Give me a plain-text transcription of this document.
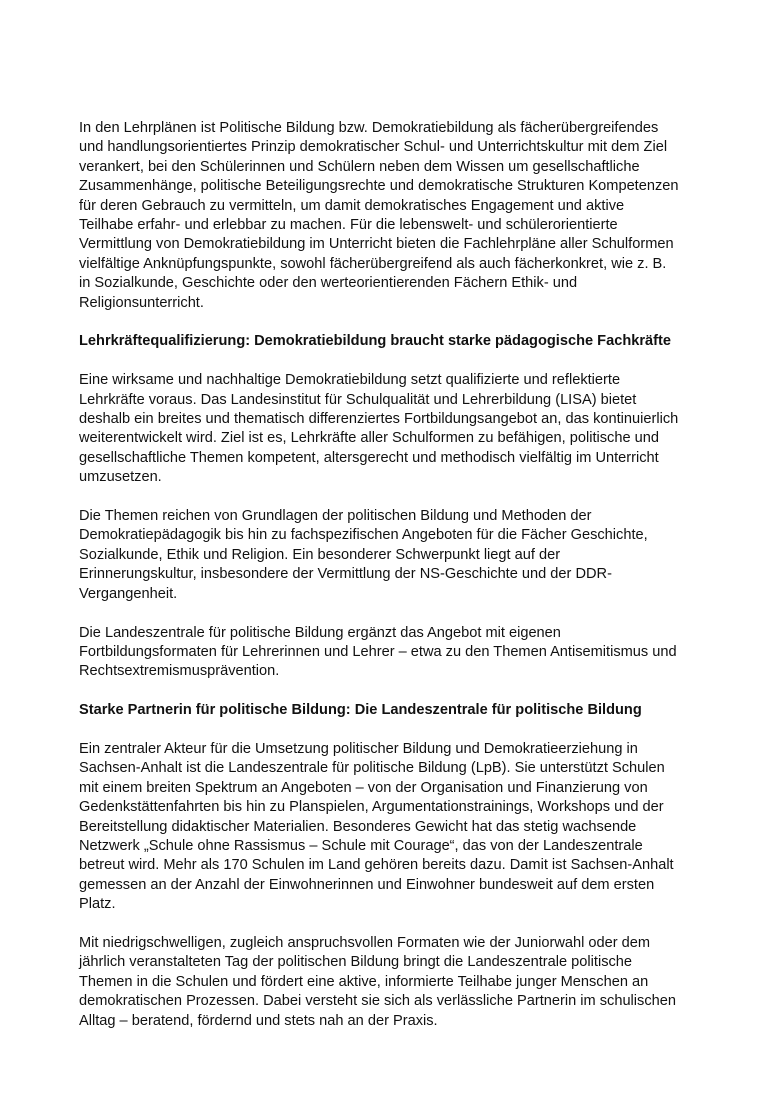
In den Lehrplänen ist Politische Bildung bzw. Demokratiebildung als fächerübergreifendes
und handlungsorientiertes Prinzip demokratischer Schul- und Unterrichtskultur mit dem Ziel
verankert, bei den Schülerinnen und Schülern neben dem Wissen um gesellschaftliche
Zusammenhänge, politische Beteiligungsrechte und demokratische Strukturen Kompetenzen
für deren Gebrauch zu vermitteln, um damit demokratisches Engagement und aktive
Teilhabe erfahr- und erlebbar zu machen. Für die lebenswelt- und schülerorientierte
Vermittlung von Demokratiebildung im Unterricht bieten die Fachlehrpläne aller Schulformen
vielfältige Anknüpfungspunkte, sowohl fächerübergreifend als auch fächerkonkret, wie z. B.
in Sozialkunde, Geschichte oder den werteorientierenden Fächern Ethik- und
Religionsunterricht.

Lehrkräftequalifizierung: Demokratiebildung braucht starke pädagogische Fachkräfte

Eine wirksame und nachhaltige Demokratiebildung setzt qualifizierte und reflektierte
Lehrkräfte voraus. Das Landesinstitut für Schulqualität und Lehrerbildung (LISA) bietet
deshalb ein breites und thematisch differenziertes Fortbildungsangebot an, das kontinuierlich
weiterentwickelt wird. Ziel ist es, Lehrkräfte aller Schulformen zu befähigen, politische und
gesellschaftliche Themen kompetent, altersgerecht und methodisch vielfältig im Unterricht
umzusetzen.

Die Themen reichen von Grundlagen der politischen Bildung und Methoden der
Demokratiepädagogik bis hin zu fachspezifischen Angeboten für die Fächer Geschichte,
Sozialkunde, Ethik und Religion. Ein besonderer Schwerpunkt liegt auf der
Erinnerungskultur, insbesondere der Vermittlung der NS-Geschichte und der DDR-
Vergangenheit.

Die Landeszentrale für politische Bildung ergänzt das Angebot mit eigenen
Fortbildungsformaten für Lehrerinnen und Lehrer – etwa zu den Themen Antisemitismus und
Rechtsextremismusprävention.

Starke Partnerin für politische Bildung: Die Landeszentrale für politische Bildung

Ein zentraler Akteur für die Umsetzung politischer Bildung und Demokratieerziehung in
Sachsen-Anhalt ist die Landeszentrale für politische Bildung (LpB). Sie unterstützt Schulen
mit einem breiten Spektrum an Angeboten – von der Organisation und Finanzierung von
Gedenkstättenfahrten bis hin zu Planspielen, Argumentationstrainings, Workshops und der
Bereitstellung didaktischer Materialien. Besonderes Gewicht hat das stetig wachsende
Netzwerk „Schule ohne Rassismus – Schule mit Courage“, das von der Landeszentrale
betreut wird. Mehr als 170 Schulen im Land gehören bereits dazu. Damit ist Sachsen-Anhalt
gemessen an der Anzahl der Einwohnerinnen und Einwohner bundesweit auf dem ersten
Platz.

Mit niedrigschwelligen, zugleich anspruchsvollen Formaten wie der Juniorwahl oder dem
jährlich veranstalteten Tag der politischen Bildung bringt die Landeszentrale politische
Themen in die Schulen und fördert eine aktive, informierte Teilhabe junger Menschen an
demokratischen Prozessen. Dabei versteht sie sich als verlässliche Partnerin im schulischen
Alltag – beratend, fördernd und stets nah an der Praxis.
